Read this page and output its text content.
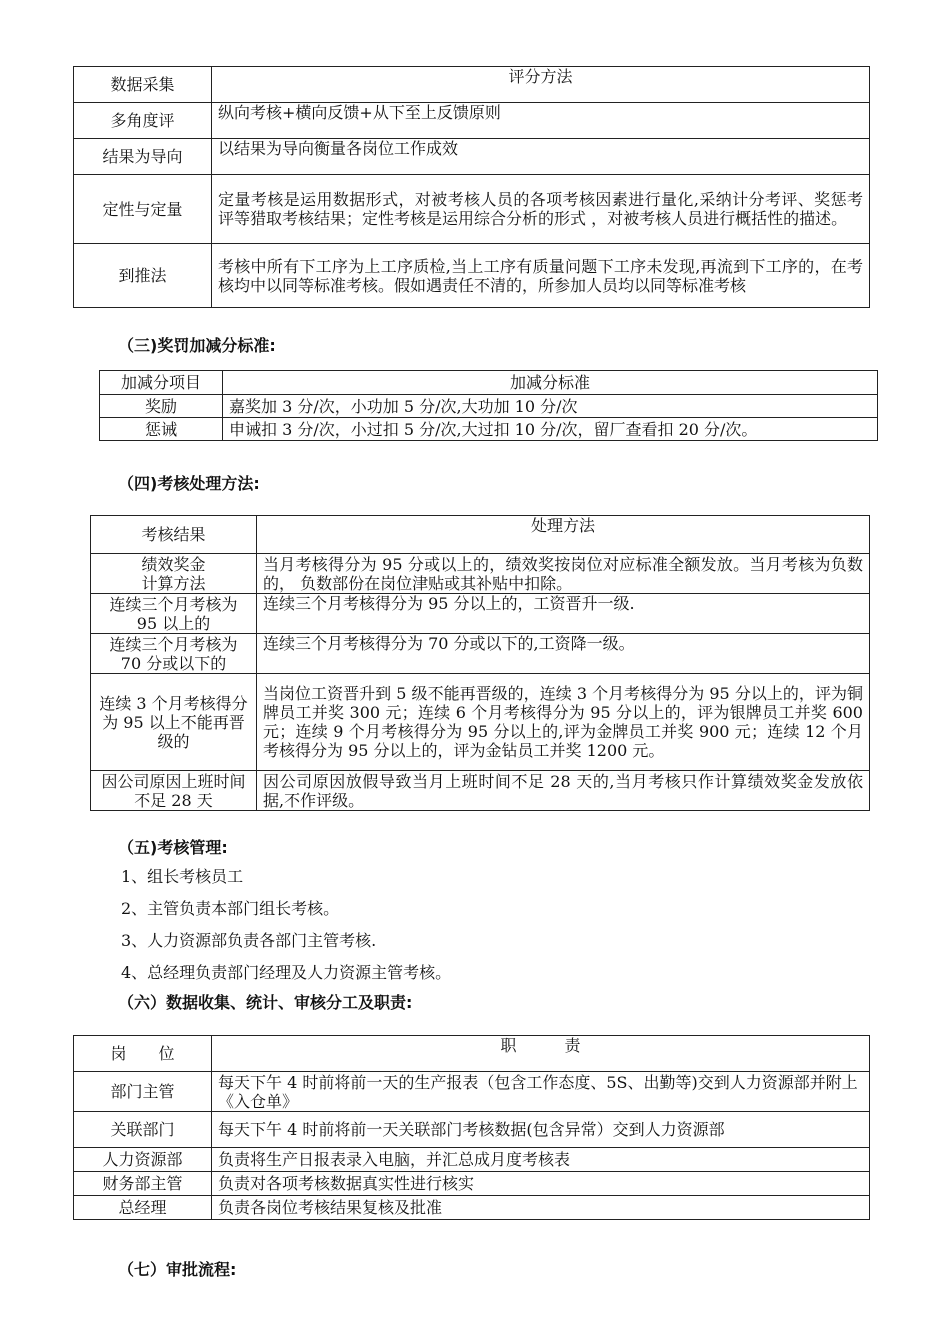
数据采集	评分方法
多角度评	纵向考核+横向反馈+从下至上反馈原则
结果为导向	以结果为导向衡量各岗位工作成效
定性与定量	定量考核是运用数据形式，对被考核人员的各项考核因素进行量化,采纳计分考评、奖惩考评等猎取考核结果；定性考核是运用综合分析的形式 ，对被考核人员进行概括性的描述。
到推法	考核中所有下工序为上工序质检,当上工序有质量问题下工序未发现,再流到下工序的，在考核均中以同等标准考核。假如遇责任不清的，所参加人员均以同等标准考核
（三)奖罚加减分标准:
加减分项目	加减分标准
奖励	嘉奖加 3 分/次，小功加 5 分/次,大功加 10 分/次
惩诫	申诫扣 3 分/次，小过扣 5 分/次,大过扣 10 分/次，留厂查看扣 20 分/次。
（四)考核处理方法:
考核结果	处理方法
绩效奖金
计算方法	当月考核得分为 95 分或以上的，绩效奖按岗位对应标准全额发放。当月考核为负数的， 负数部份在岗位津贴或其补贴中扣除。
连续三个月考核为 95 以上的	连续三个月考核得分为 95 分以上的，工资晋升一级.
连续三个月考核为 70 分或以下的	连续三个月考核得分为 70 分或以下的,工资降一级。
连续 3 个月考核得分为 95 以上不能再晋级的	当岗位工资晋升到 5 级不能再晋级的，连续 3 个月考核得分为 95 分以上的，评为铜牌员工并奖 300 元；连续 6 个月考核得分为 95 分以上的，评为银牌员工并奖 600 元；连续 9 个月考核得分为 95 分以上的,评为金牌员工并奖 900 元；连续 12 个月考核得分为 95 分以上的，评为金钻员工并奖 1200 元。
因公司原因上班时间不足 28 天	因公司原因放假导致当月上班时间不足 28 天的,当月考核只作计算绩效奖金发放依据,不作评级。
（五)考核管理:
1、组长考核员工
2、主管负责本部门组长考核。
3、人力资源部负责各部门主管考核.
4、总经理负责部门经理及人力资源主管考核。
（六）数据收集、统计、审核分工及职责:
岗　　位	职　　　责
部门主管	每天下午 4 时前将前一天的生产报表（包含工作态度、5S、出勤等)交到人力资源部并附上《入仓单》
关联部门	每天下午 4 时前将前一天关联部门考核数据(包含异常）交到人力资源部
人力资源部	负责将生产日报表录入电脑，并汇总成月度考核表
财务部主管	负责对各项考核数据真实性进行核实
总经理	负责各岗位考核结果复核及批准
（七）审批流程:
